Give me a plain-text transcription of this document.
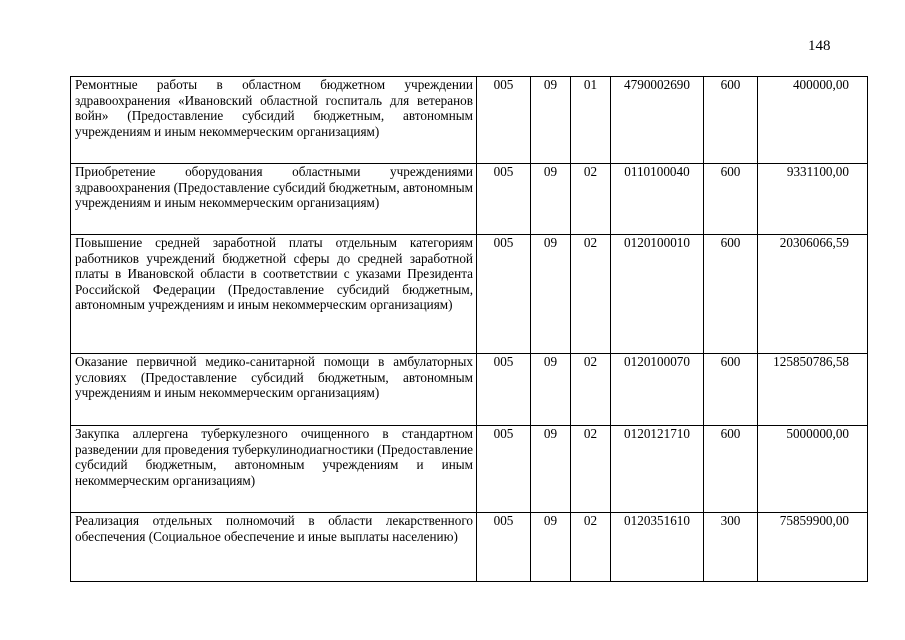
148
Ремонтные работы в областном бюджетном учреждении здравоохранения «Ивановский областной госпиталь для ветеранов войн» (Предоставление субсидий бюджетным, автономным учреждениям и иным некоммерческим организациям)	005	09	01	4790002690	600	400000,00
Приобретение оборудования областными учреждениями здравоохранения (Предоставление субсидий бюджетным, автономным учреждениям и иным некоммерческим организациям)	005	09	02	0110100040	600	9331100,00
Повышение средней заработной платы отдельным категориям работников учреждений бюджетной сферы до средней заработной платы в Ивановской области в соответствии с указами Президента Российской Федерации (Предоставление субсидий бюджетным, автономным учреждениям и иным некоммерческим организациям)	005	09	02	0120100010	600	20306066,59
Оказание первичной медико-санитарной помощи в амбулаторных условиях (Предоставление субсидий бюджетным, автономным учреждениям и иным некоммерческим организациям)	005	09	02	0120100070	600	125850786,58
Закупка аллергена туберкулезного очищенного в стандартном разведении для проведения туберкулинодиагностики (Предоставление субсидий бюджетным, автономным учреждениям и иным некоммерческим организациям)	005	09	02	0120121710	600	5000000,00
Реализация отдельных полномочий в области лекарственного обеспечения (Социальное обеспечение и иные выплаты населению)	005	09	02	0120351610	300	75859900,00
